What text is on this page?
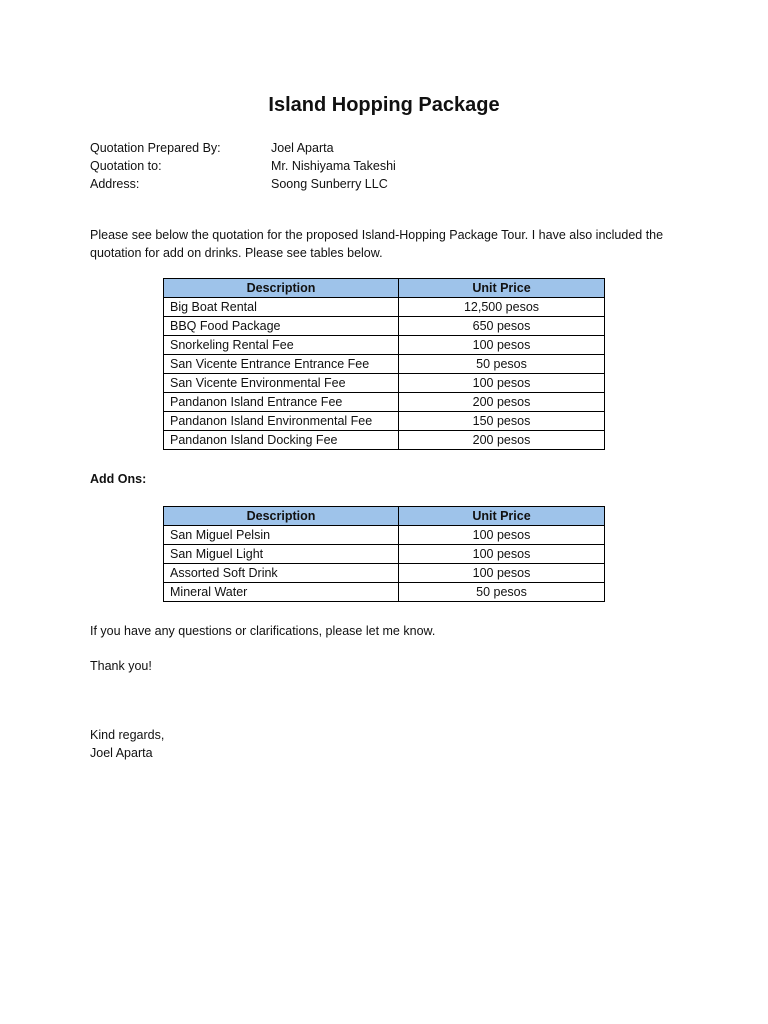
Island Hopping Package
Quotation Prepared By:	Joel Aparta
Quotation to:	Mr. Nishiyama Takeshi
Address:	Soong Sunberry LLC
Please see below the quotation for the proposed Island-Hopping Package Tour. I have also included the quotation for add on drinks. Please see tables below.
Description	Unit Price
Big Boat Rental	12,500 pesos
BBQ Food Package	650 pesos
Snorkeling Rental Fee	100 pesos
San Vicente Entrance Entrance Fee	50 pesos
San Vicente Environmental Fee	100 pesos
Pandanon Island Entrance Fee	200 pesos
Pandanon Island Environmental Fee	150 pesos
Pandanon Island Docking Fee	200 pesos
Add Ons:
Description	Unit Price
San Miguel Pelsin	100 pesos
San Miguel Light	100 pesos
Assorted Soft Drink	100 pesos
Mineral Water	50 pesos
If you have any questions or clarifications, please let me know.
Thank you!
Kind regards,
Joel Aparta
